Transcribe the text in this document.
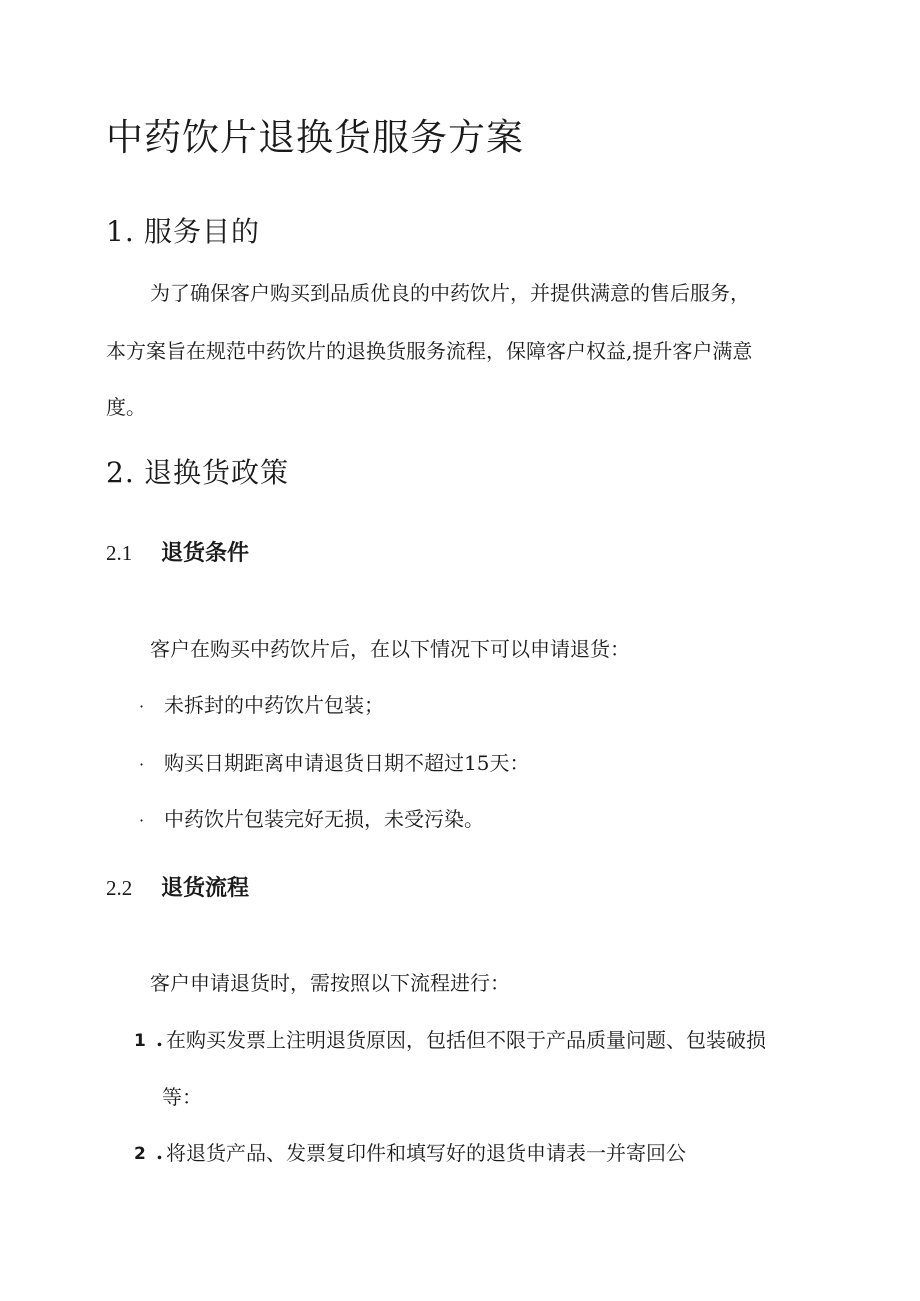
中药饮片退换货服务方案
1. 服务目的
为了确保客户购买到品质优良的中药饮片，并提供满意的售后服务，
本方案旨在规范中药饮片的退换货服务流程，保障客户权益,提升客户满意
度。
2. 退换货政策
2.1 退货条件
客户在购买中药饮片后，在以下情况下可以申请退货：
· 未拆封的中药饮片包装；
· 购买日期距离申请退货日期不超过15天：
· 中药饮片包装完好无损，未受污染。
2.2 退货流程
客户申请退货时，需按照以下流程进行：
1 . 在购买发票上注明退货原因，包括但不限于产品质量问题、包装破损
等：
2 . 将退货产品、发票复印件和填写好的退货申请表一并寄回公
